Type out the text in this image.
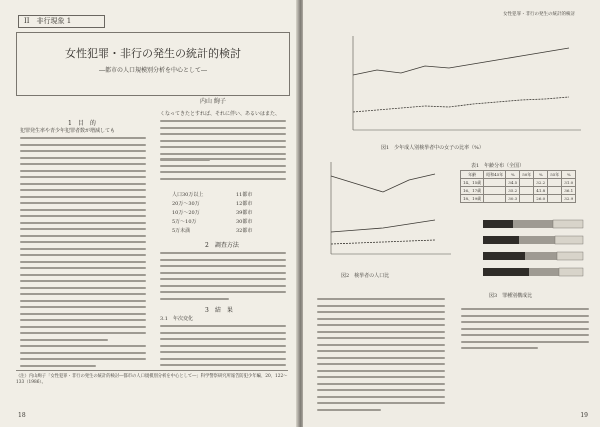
II　非行現象 1
女性犯罪・非行の発生の統計的検討
―都市の人口規模別分析を中心として―
内山 絢子
1　目　的
犯罪発生率や青少年犯罪者数が増減しても
くなってきたとすれば、それに伴い、あるいはまた、
人口30万以上	11都市
20万～30万	12都市
10万～20万	39都市
5万～10万	30都市
5万未満	32都市
2　調査方法
3　結　果
3.1　年次変化
（注）内山絢子「女性犯罪・非行の発生の統計的検討―都市の人口規模別分析を中心として―」科学警察研究所報告防犯少年編、20、122～133（1986）。
18
女性犯罪・非行の発生の統計的検討
図1　少年成人別検挙者中の女子の比率（%）
図2　検挙者の人口比
表1　年齢分布（全国）
年齢	昭和45年	%	50年	%	55年	%
14、15歳		34.5		32.2		31.0
16、17歳		35.2		41.8		36.1
18、19歳		30.3		26.0		32.9
図3　罪種別構成比
19
